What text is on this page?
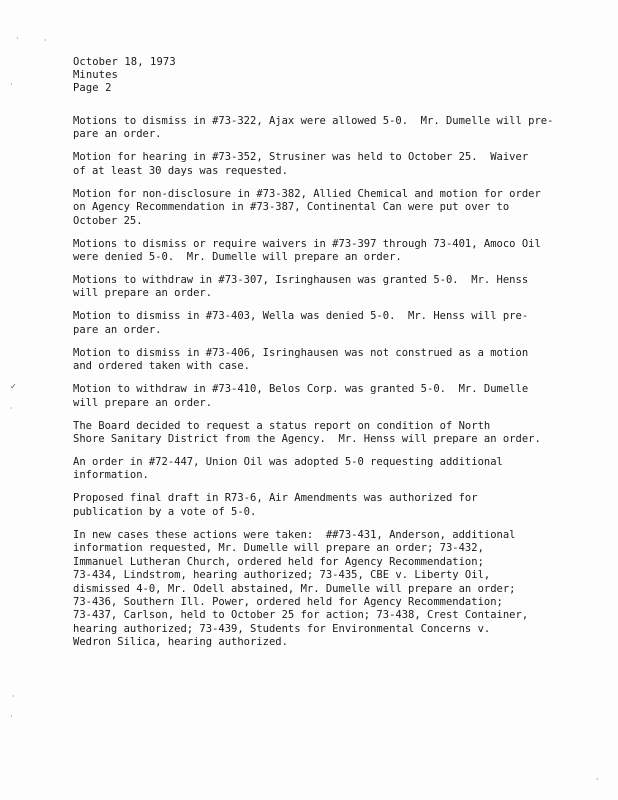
·	·
·
✓
·
·
·
·
October 18, 1973
Minutes
Page 2
Motions to dismiss in #73-322, Ajax were allowed 5-0.  Mr. Dumelle will pre-
pare an order.
Motion for hearing in #73-352, Strusiner was held to October 25.  Waiver
of at least 30 days was requested.
Motion for non-disclosure in #73-382, Allied Chemical and motion for order
on Agency Recommendation in #73-387, Continental Can were put over to
October 25.
Motions to dismiss or require waivers in #73-397 through 73-401, Amoco Oil
were denied 5-0.  Mr. Dumelle will prepare an order.
Motions to withdraw in #73-307, Isringhausen was granted 5-0.  Mr. Henss
will prepare an order.
Motion to dismiss in #73-403, Wella was denied 5-0.  Mr. Henss will pre-
pare an order.
Motion to dismiss in #73-406, Isringhausen was not construed as a motion
and ordered taken with case.
Motion to withdraw in #73-410, Belos Corp. was granted 5-0.  Mr. Dumelle
will prepare an order.
The Board decided to request a status report on condition of North
Shore Sanitary District from the Agency.  Mr. Henss will prepare an order.
An order in #72-447, Union Oil was adopted 5-0 requesting additional
information.
Proposed final draft in R73-6, Air Amendments was authorized for
publication by a vote of 5-0.
In new cases these actions were taken:  ##73-431, Anderson, additional
information requested, Mr. Dumelle will prepare an order; 73-432,
Immanuel Lutheran Church, ordered held for Agency Recommendation;
73-434, Lindstrom, hearing authorized; 73-435, CBE v. Liberty Oil,
dismissed 4-0, Mr. Odell abstained, Mr. Dumelle will prepare an order;
73-436, Southern Ill. Power, ordered held for Agency Recommendation;
73-437, Carlson, held to October 25 for action; 73-438, Crest Container,
hearing authorized; 73-439, Students for Environmental Concerns v.
Wedron Silica, hearing authorized.
